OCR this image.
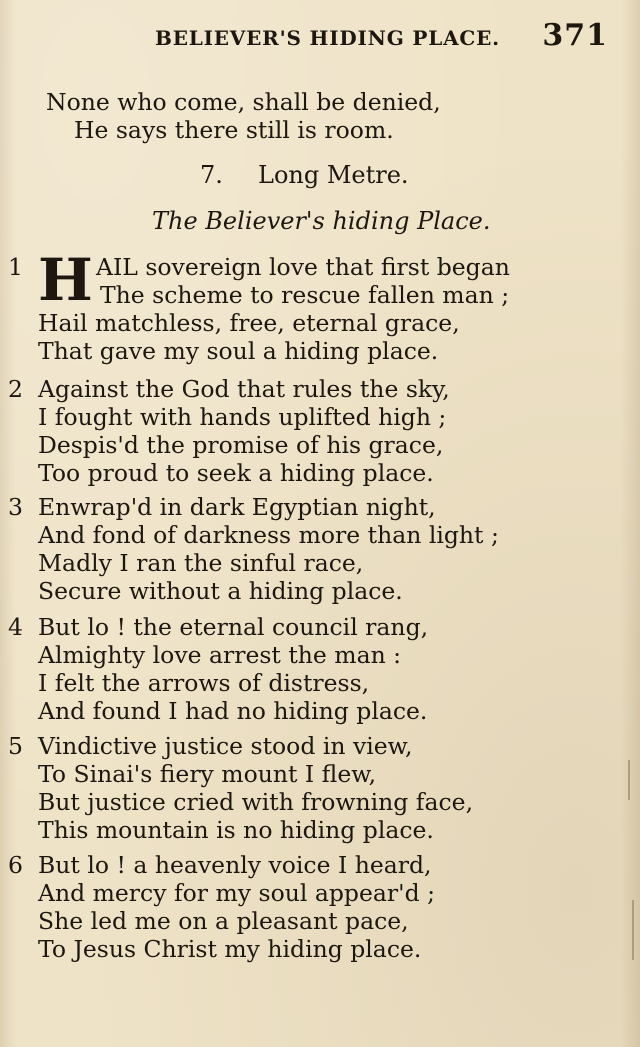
BELIEVER'S HIDING PLACE. 371
None who come, shall be denied,
He says there still is room.
7. Long Metre.
The Believer's hiding Place.
1 H AIL sovereign love that first began
The scheme to rescue fallen man ;
Hail matchless, free, eternal grace,
That gave my soul a hiding place.
2 Against the God that rules the sky,
I fought with hands uplifted high ;
Despis'd the promise of his grace,
Too proud to seek a hiding place.
3 Enwrap'd in dark Egyptian night,
And fond of darkness more than light ;
Madly I ran the sinful race,
Secure without a hiding place.
4 But lo ! the eternal council rang,
Almighty love arrest the man :
I felt the arrows of distress,
And found I had no hiding place.
5 Vindictive justice stood in view,
To Sinai's fiery mount I flew,
But justice cried with frowning face,
This mountain is no hiding place.
6 But lo ! a heavenly voice I heard,
And mercy for my soul appear'd ;
She led me on a pleasant pace,
To Jesus Christ my hiding place.
